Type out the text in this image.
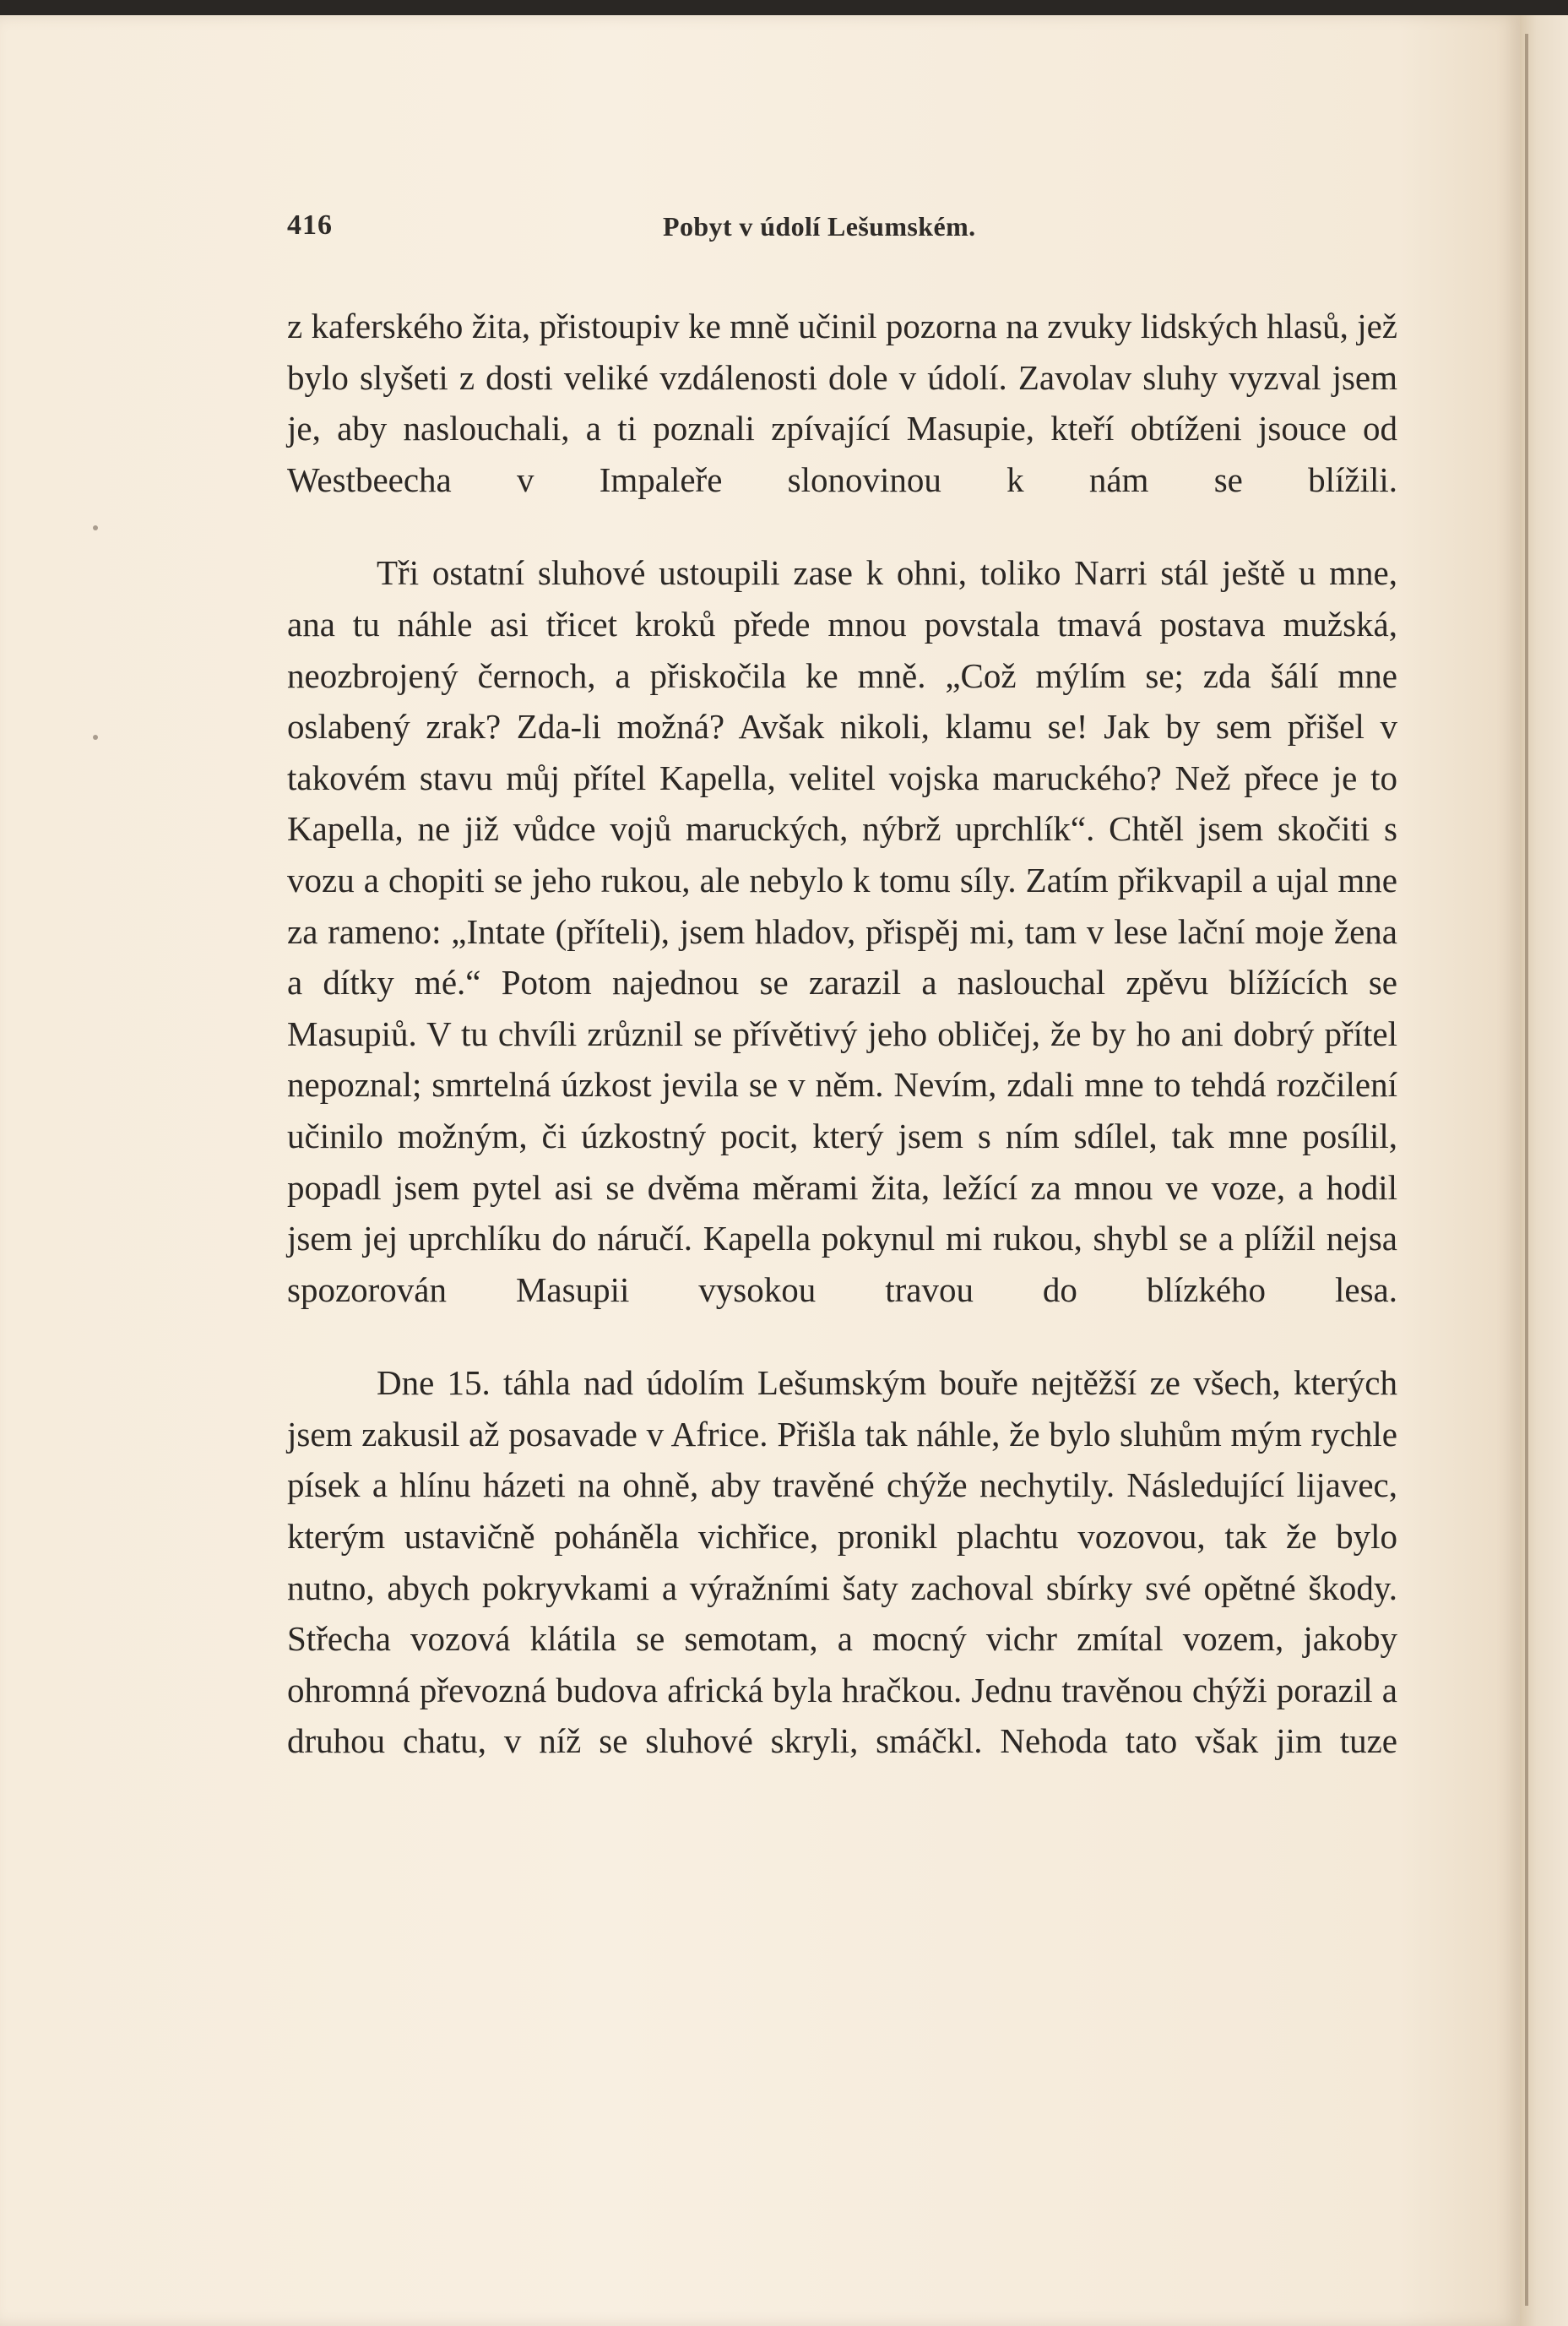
416	Pobyt v údolí Lešumském.

z kaferského žita, přistoupiv ke mně učinil pozorna na zvuky lidských hlasů, jež bylo slyšeti z dosti veliké vzdálenosti dole v údolí. Zavolav sluhy vyzval jsem je, aby naslouchali, a ti poznali zpívající Masupie, kteří obtíženi jsouce od Westbeecha v Impaleře slonovinou k nám se blížili.

Tři ostatní sluhové ustoupili zase k ohni, toliko Narri stál ještě u mne, ana tu náhle asi třicet kroků přede mnou povstala tmavá postava mužská, neozbrojený černoch, a přiskočila ke mně. „Což mýlím se; zda šálí mne oslabený zrak? Zda-li možná? Avšak nikoli, klamu se! Jak by sem přišel v takovém stavu můj přítel Kapella, velitel vojska maruckého? Než přece je to Kapella, ne již vůdce vojů maruckých, nýbrž uprchlík“. Chtěl jsem skočiti s vozu a chopiti se jeho rukou, ale nebylo k tomu síly. Zatím přikvapil a ujal mne za rameno: „Intate (příteli), jsem hladov, přispěj mi, tam v lese lační moje žena a dítky mé.“ Potom najednou se zarazil a naslouchal zpěvu blížících se Masupiů. V tu chvíli zrůznil se přívětivý jeho obličej, že by ho ani dobrý přítel nepoznal; smrtelná úzkost jevila se v něm. Nevím, zdali mne to tehdá rozčilení učinilo možným, či úzkostný pocit, který jsem s ním sdílel, tak mne posílil, popadl jsem pytel asi se dvěma měrami žita, ležící za mnou ve voze, a hodil jsem jej uprchlíku do náručí. Kapella pokynul mi rukou, shybl se a plížil nejsa spozorován Masupii vysokou travou do blízkého lesa.

Dne 15. táhla nad údolím Lešumským bouře nejtěžší ze všech, kterých jsem zakusil až posavade v Africe. Přišla tak náhle, že bylo sluhům mým rychle písek a hlínu házeti na ohně, aby travěné chýže nechytily. Následující lijavec, kterým ustavičně poháněla vichřice, pronikl plachtu vozovou, tak že bylo nutno, abych pokryvkami a výražními šaty zachoval sbírky své opětné škody. Střecha vozová klátila se semotam, a mocný vichr zmítal vozem, jakoby ohromná převozná budova africká byla hračkou. Jednu travěnou chýži porazil a druhou chatu, v níž se sluhové skryli, smáčkl. Nehoda tato však jim tuze
